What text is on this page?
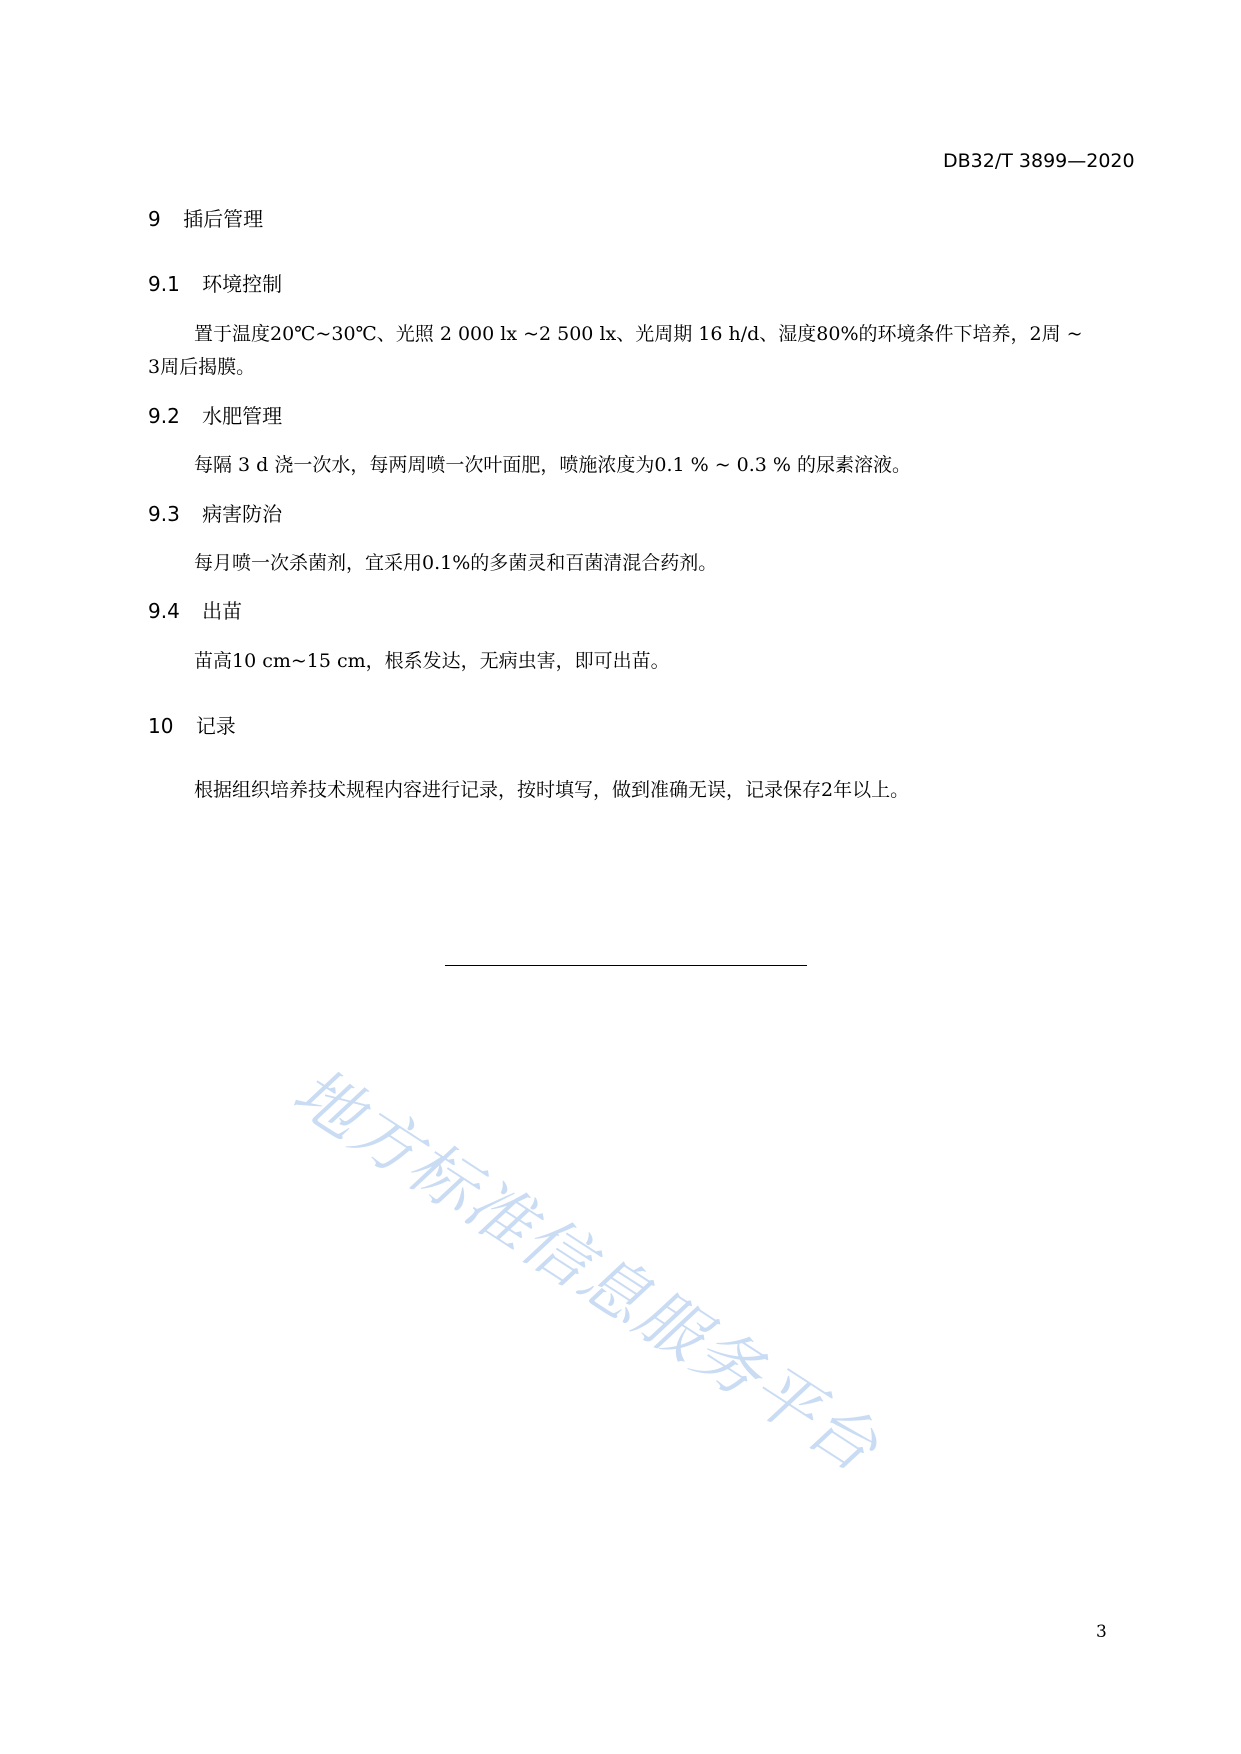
DB32/T 3899—2020
9 插后管理
9.1 环境控制
置于温度20℃~30℃、光照 2 000 lx ~2 500 lx、光周期 16 h/d、湿度80%的环境条件下培养，2周 ~
3周后揭膜。
9.2 水肥管理
每隔 3 d 浇一次水，每两周喷一次叶面肥，喷施浓度为0.1 % ~ 0.3 % 的尿素溶液。
9.3 病害防治
每月喷一次杀菌剂，宜采用0.1%的多菌灵和百菌清混合药剂。
9.4 出苗
苗高10 cm~15 cm，根系发达，无病虫害，即可出苗。
10 记录
根据组织培养技术规程内容进行记录，按时填写，做到准确无误，记录保存2年以上。
地方标准信息服务平台
3
